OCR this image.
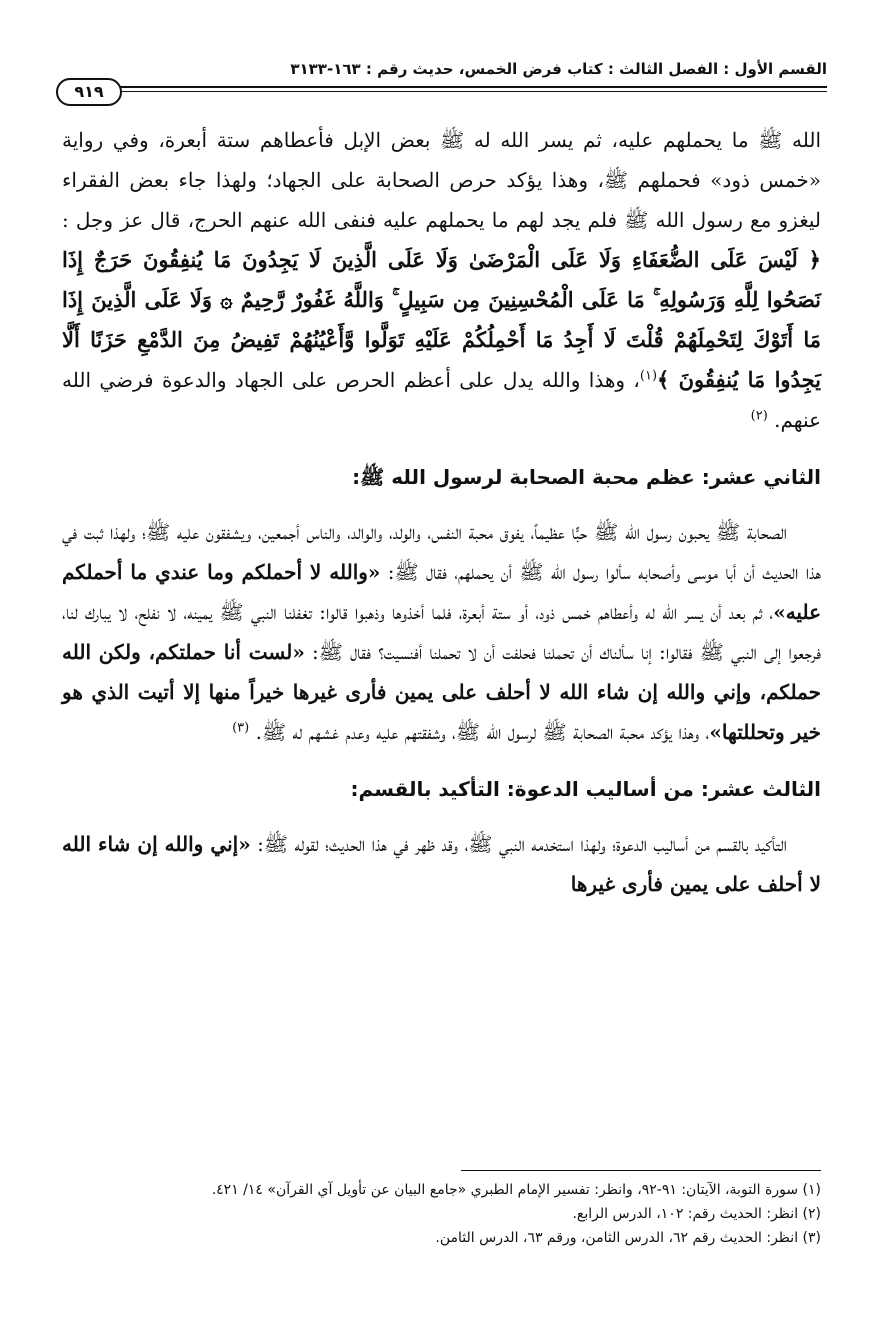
القسم الأول : الفصل الثالث : كتاب فرض الخمس، حديث رقم : ١٦٣-٣١٣٣
٩١٩

الله ﷺ ما يحملهم عليه، ثم يسر الله له ﷺ بعض الإبل فأعطاهم ستة أبعرة، وفي رواية «خمس ذود» فحملهم ﷺ، وهذا يؤكد حرص الصحابة على الجهاد؛ ولهذا جاء بعض الفقراء ليغزو مع رسول الله ﷺ فلم يجد لهم ما يحملهم عليه فنفى الله عنهم الحرج، قال عز وجل : ﴿ لَيْسَ عَلَى الضُّعَفَاءِ وَلَا عَلَى الْمَرْضَىٰ وَلَا عَلَى الَّذِينَ لَا يَجِدُونَ مَا يُنفِقُونَ حَرَجٌ إِذَا نَصَحُوا لِلَّهِ وَرَسُولِهِ ۚ مَا عَلَى الْمُحْسِنِينَ مِن سَبِيلٍ ۚ وَاللَّهُ غَفُورٌ رَّحِيمٌ ۞ وَلَا عَلَى الَّذِينَ إِذَا مَا أَتَوْكَ لِتَحْمِلَهُمْ قُلْتَ لَا أَجِدُ مَا أَحْمِلُكُمْ عَلَيْهِ تَوَلَّوا وَّأَعْيُنُهُمْ تَفِيضُ مِنَ الدَّمْعِ حَزَنًا أَلَّا يَجِدُوا مَا يُنفِقُونَ ﴾$^{(١)}$، وهذا والله يدل على أعظم الحرص على الجهاد والدعوة فرضي الله عنهم. $^{(٢)}$

الثاني عشر: عظم محبة الصحابة لرسول الله ﷺ:

الصحابة ﷺ يحبون رسول الله ﷺ حبًّا عظيماً، يفوق محبة النفس، والولد، والوالد، والناس أجمعين، ويشفقون عليه ﷺ؛ ولهذا ثبت في هذا الحديث أن أبا موسى وأصحابه سألوا رسول الله ﷺ أن يحملهم، فقال ﷺ: «والله لا أحملكم وما عندي ما أحملكم عليه»، ثم بعد أن يسر الله له وأعطاهم خمس ذود، أو ستة أبعرة، فلما أخذوها وذهبوا قالوا: تغفلنا النبي ﷺ يمينه، لا نفلح، لا يبارك لنا، فرجعوا إلى النبي ﷺ فقالوا: إنا سألناك أن تحملنا فحلفت أن لا تحملنا أفنسيت؟ فقال ﷺ: «لست أنا حملتكم، ولكن الله حملكم، وإني والله إن شاء الله لا أحلف على يمين فأرى غيرها خيراً منها إلا أتيت الذي هو خير وتحللتها»، وهذا يؤكد محبة الصحابة ﷺ لرسول الله ﷺ، وشفقتهم عليه وعدم غشهم له ﷺ. $^{(٣)}$

الثالث عشر: من أساليب الدعوة: التأكيد بالقسم:

التأكيد بالقسم من أساليب الدعوة؛ ولهذا استخدمه النبي ﷺ، وقد ظهر في هذا الحديث؛ لقوله ﷺ: «إني والله إن شاء الله لا أحلف على يمين فأرى غيرها

(١) سورة التوبة، الآيتان: ٩١-٩٢، وانظر: تفسير الإمام الطبري «جامع البيان عن تأويل آي القرآن» ١٤/ ٤٢١.

(٢) انظر: الحديث رقم: ١٠٢، الدرس الرابع.

(٣) انظر: الحديث رقم ٦٢، الدرس الثامن، ورقم ٦٣، الدرس الثامن.
